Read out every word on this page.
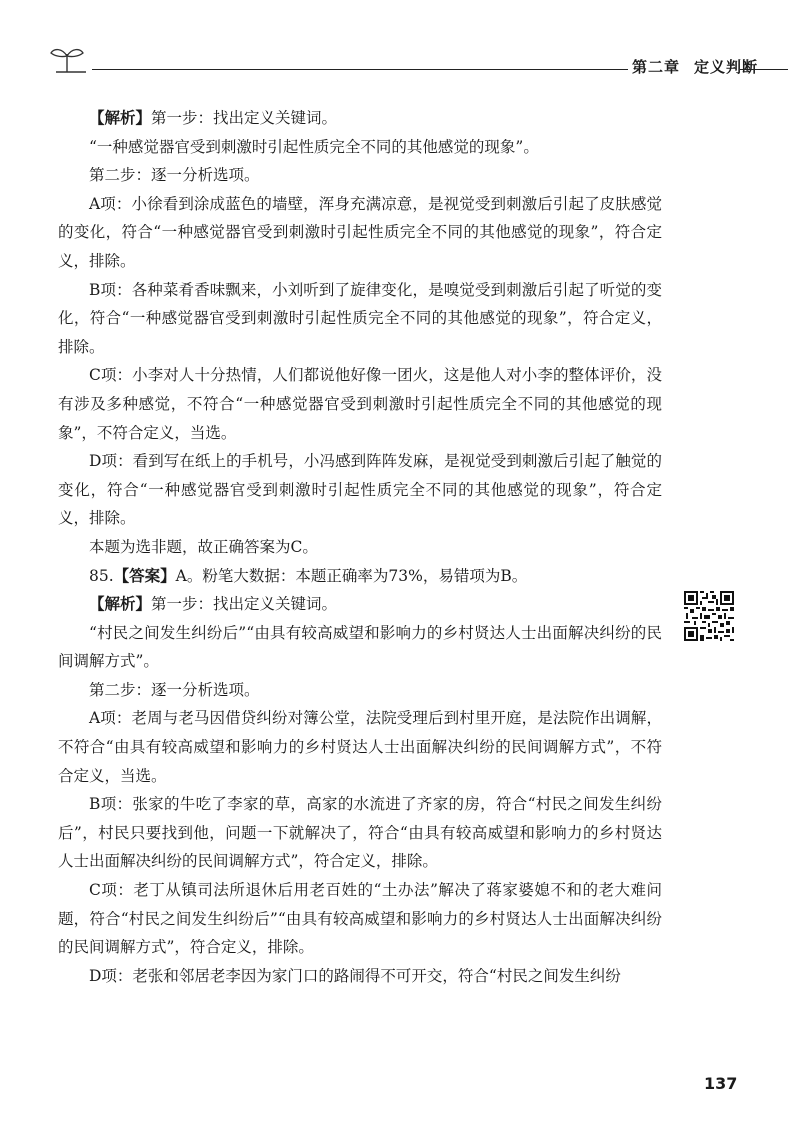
第二章 定义判断

【解析】第一步：找出定义关键词。

“一种感觉器官受到刺激时引起性质完全不同的其他感觉的现象”。

第二步：逐一分析选项。

A项：小徐看到涂成蓝色的墙壁，浑身充满凉意，是视觉受到刺激后引起了皮肤感觉的变化，符合“一种感觉器官受到刺激时引起性质完全不同的其他感觉的现象”，符合定义，排除。

B项：各种菜肴香味飘来，小刘听到了旋律变化，是嗅觉受到刺激后引起了听觉的变化，符合“一种感觉器官受到刺激时引起性质完全不同的其他感觉的现象”，符合定义，排除。

C项：小李对人十分热情，人们都说他好像一团火，这是他人对小李的整体评价，没有涉及多种感觉，不符合“一种感觉器官受到刺激时引起性质完全不同的其他感觉的现象”，不符合定义，当选。

D项：看到写在纸上的手机号，小冯感到阵阵发麻，是视觉受到刺激后引起了触觉的变化，符合“一种感觉器官受到刺激时引起性质完全不同的其他感觉的现象”，符合定义，排除。

本题为选非题，故正确答案为C。

85.【答案】A。粉笔大数据：本题正确率为73%，易错项为B。

【解析】第一步：找出定义关键词。

“村民之间发生纠纷后”“由具有较高威望和影响力的乡村贤达人士出面解决纠纷的民间调解方式”。

第二步：逐一分析选项。

A项：老周与老马因借贷纠纷对簿公堂，法院受理后到村里开庭，是法院作出调解，不符合“由具有较高威望和影响力的乡村贤达人士出面解决纠纷的民间调解方式”，不符合定义，当选。

B项：张家的牛吃了李家的草，高家的水流进了齐家的房，符合“村民之间发生纠纷后”，村民只要找到他，问题一下就解决了，符合“由具有较高威望和影响力的乡村贤达人士出面解决纠纷的民间调解方式”，符合定义，排除。

C项：老丁从镇司法所退休后用老百姓的“土办法”解决了蒋家婆媳不和的老大难问题，符合“村民之间发生纠纷后”“由具有较高威望和影响力的乡村贤达人士出面解决纠纷的民间调解方式”，符合定义，排除。

D项：老张和邻居老李因为家门口的路闹得不可开交，符合“村民之间发生纠纷

137
